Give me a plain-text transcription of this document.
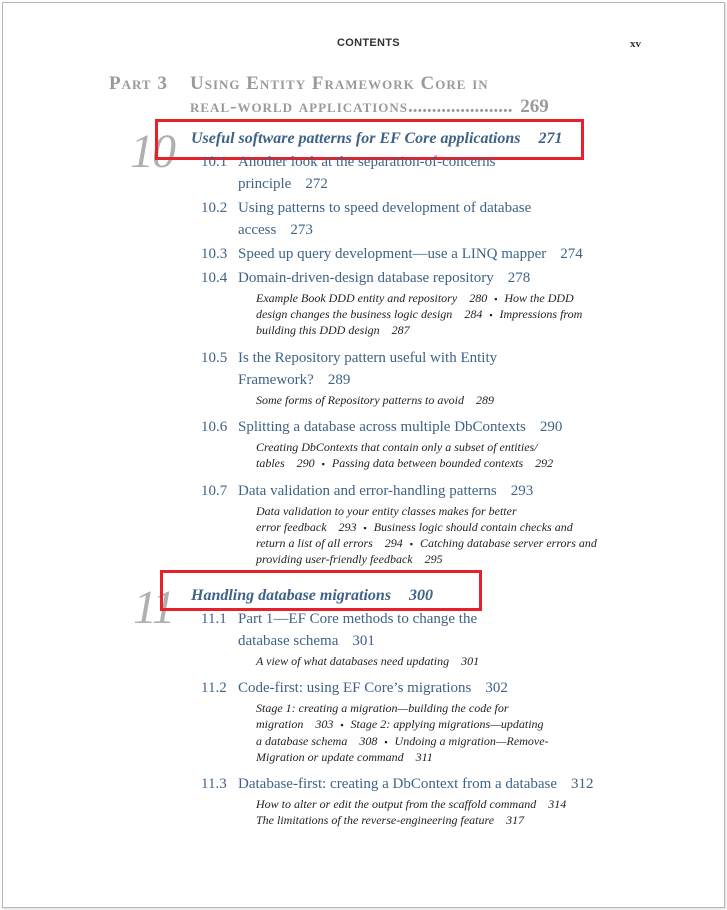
CONTENTS	xv
Part 3 Using Entity Framework Core in
real-world applications...................... 269
10 Useful software patterns for EF Core applications 271
10.1 Another look at the separation-of-concerns
principle 272
10.2 Using patterns to speed development of database
access 273
10.3 Speed up query development—use a LINQ mapper 274
10.4 Domain-driven-design database repository 278
Example Book DDD entity and repository 280 ▪ How the DDD
design changes the business logic design 284 ▪ Impressions from
building this DDD design 287
10.5 Is the Repository pattern useful with Entity
Framework? 289
Some forms of Repository patterns to avoid 289
10.6 Splitting a database across multiple DbContexts 290
Creating DbContexts that contain only a subset of entities/
tables 290 ▪ Passing data between bounded contexts 292
10.7 Data validation and error-handling patterns 293
Data validation to your entity classes makes for better
error feedback 293 ▪ Business logic should contain checks and
return a list of all errors 294 ▪ Catching database server errors and
providing user-friendly feedback 295
11 Handling database migrations 300
11.1 Part 1—EF Core methods to change the
database schema 301
A view of what databases need updating 301
11.2 Code-first: using EF Core’s migrations 302
Stage 1: creating a migration—building the code for
migration 303 ▪ Stage 2: applying migrations—updating
a database schema 308 ▪ Undoing a migration—Remove-
Migration or update command 311
11.3 Database-first: creating a DbContext from a database 312
How to alter or edit the output from the scaffold command 314
The limitations of the reverse-engineering feature 317
